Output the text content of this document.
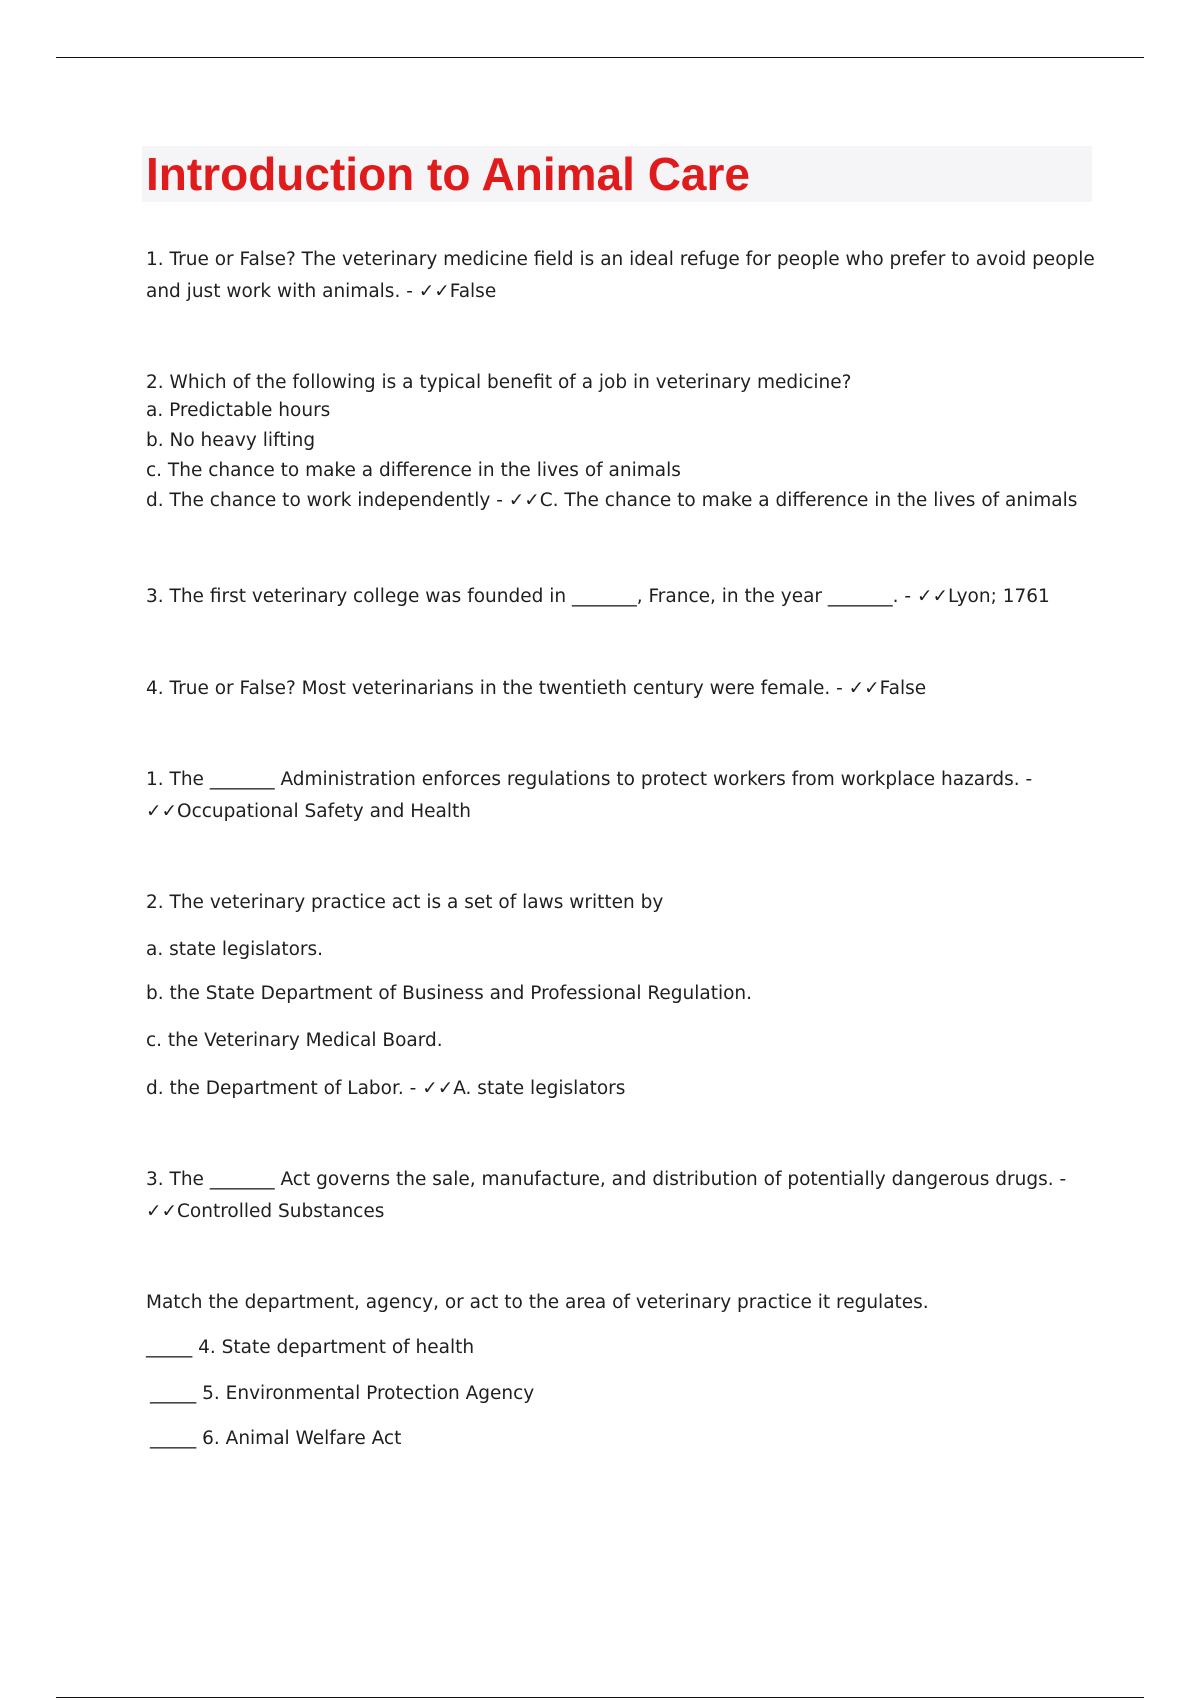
Introduction to Animal Care

1. True or False? The veterinary medicine field is an ideal refuge for people who prefer to avoid people

and just work with animals. - ✓✓False

2. Which of the following is a typical benefit of a job in veterinary medicine?

a. Predictable hours

b. No heavy lifting

c. The chance to make a difference in the lives of animals

d. The chance to work independently - ✓✓C. The chance to make a difference in the lives of animals

3. The first veterinary college was founded in _______, France, in the year _______. - ✓✓Lyon; 1761

4. True or False? Most veterinarians in the twentieth century were female. - ✓✓False

1. The _______ Administration enforces regulations to protect workers from workplace hazards. -

✓✓Occupational Safety and Health

2. The veterinary practice act is a set of laws written by

a. state legislators.

b. the State Department of Business and Professional Regulation.

c. the Veterinary Medical Board.

d. the Department of Labor. - ✓✓A. state legislators

3. The _______ Act governs the sale, manufacture, and distribution of potentially dangerous drugs. -

✓✓Controlled Substances

Match the department, agency, or act to the area of veterinary practice it regulates.

_____ 4. State department of health

_____ 5. Environmental Protection Agency

_____ 6. Animal Welfare Act
